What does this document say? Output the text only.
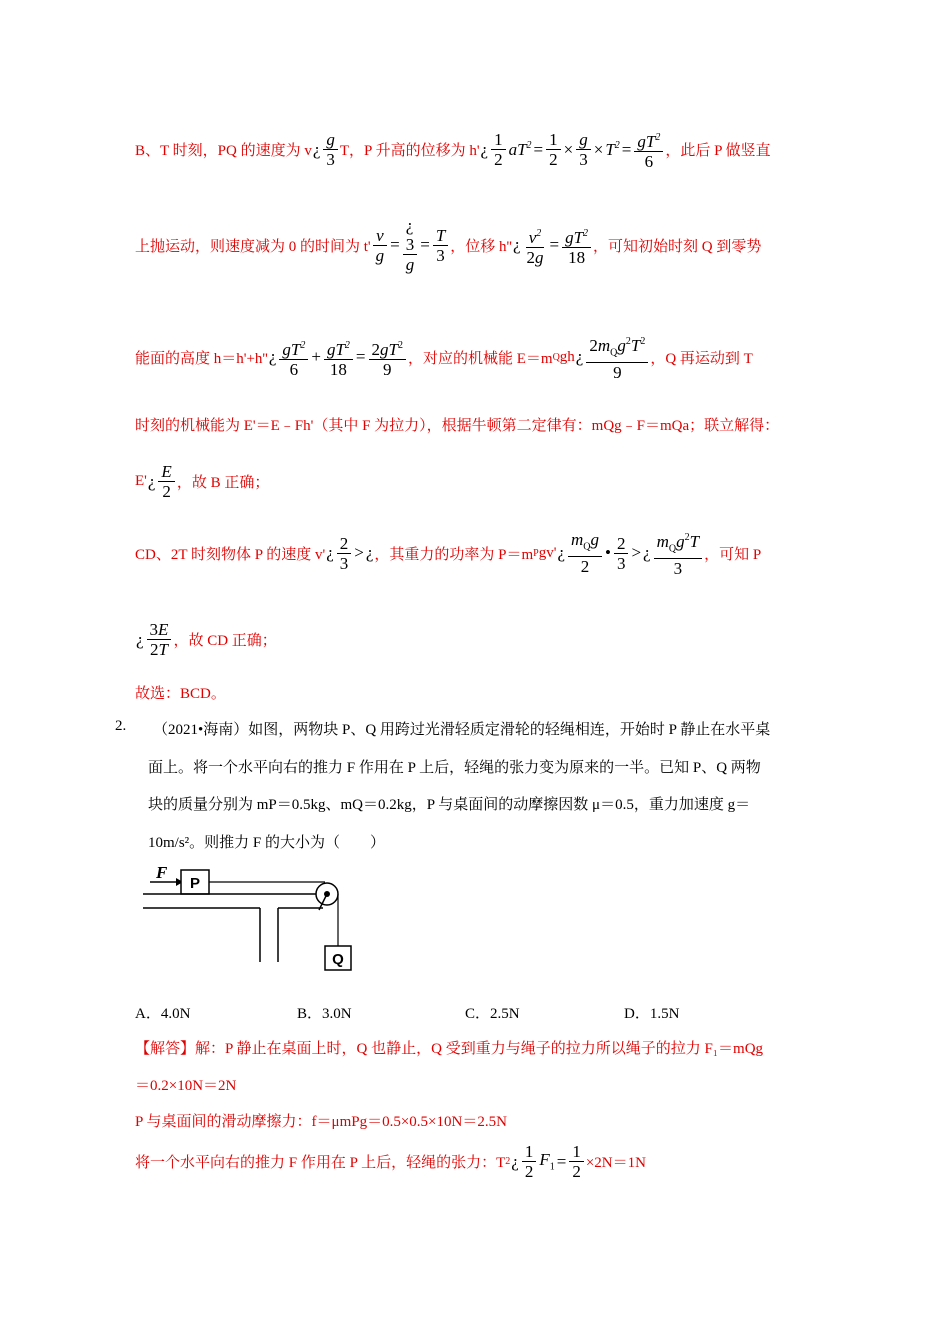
B、T 时刻，PQ 的速度为 v ¿ $\frac{g}{3}$ T，P 升高的位移为 h' ¿ $\frac{1}{2} aT^2 = \frac{1}{2} \times \frac{g}{3} \times T^2 = \frac{gT^2}{6}$ ，此后 P 做竖直
上抛运动，则速度减为 0 的时间为 $t' \frac{v}{g}$ =
¿
3
g
= $\frac{T}{3}$ ，位移 h'' ¿ $\frac{v^2}{2g} = \frac{gT^2}{18}$ ，可知初始时刻 Q 到零势
能面的高度 h＝h'+h'' ¿ $\frac{gT^2}{6} + \frac{gT^2}{18} = \frac{2gT^2}{9}$ ，对应的机械能 E＝m Q gh ¿ $\frac{2m_Qg^2T^2}{9}$ ，Q 再运动到 T
时刻的机械能为 E'＝E﹣Fh'（其中 F 为拉力），根据牛顿第二定律有：mQg﹣F＝mQa；联立解得：
E' ¿ $\frac{E}{2}$ ，故 B 正确；
CD、2T 时刻物体 P 的速度 v' ¿ $\frac{2}{3}$ > ¿ ，其重力的功率为 P＝m P gv' ¿ $\frac{m_Qg}{2}$ • $\frac{2}{3}$ > ¿ $\frac{m_Qg^2T}{3}$ ，可知 P
¿ $\frac{3E}{2T}$ ，故 CD 正确；
故选：BCD。
2. （2021•海南）如图，两物块 P、Q 用跨过光滑轻质定滑轮的轻绳相连，开始时 P 静止在水平桌
面上。将一个水平向右的推力 F 作用在 P 上后，轻绳的张力变为原来的一半。已知 P、Q 两物
块的质量分别为 mP＝0.5kg、mQ＝0.2kg，P 与桌面间的动摩擦因数 μ＝0.5，重力加速度 g＝
10m/s²。则推力 F 的大小为（　　）
F
P
Q
A．4.0N	B．3.0N	C．2.5N	D．1.5N
【解答】解：P 静止在桌面上时，Q 也静止，Q 受到重力与绳子的拉力所以绳子的拉力 F₁＝mQg
＝0.2×10N＝2N
P 与桌面间的滑动摩擦力：f＝μmPg＝0.5×0.5×10N＝2.5N
将一个水平向右的推力 F 作用在 P 上后，轻绳的张力：T 2 ¿ $\frac{1}{2} F_1 = \frac{1}{2} \times 2N=1N$
